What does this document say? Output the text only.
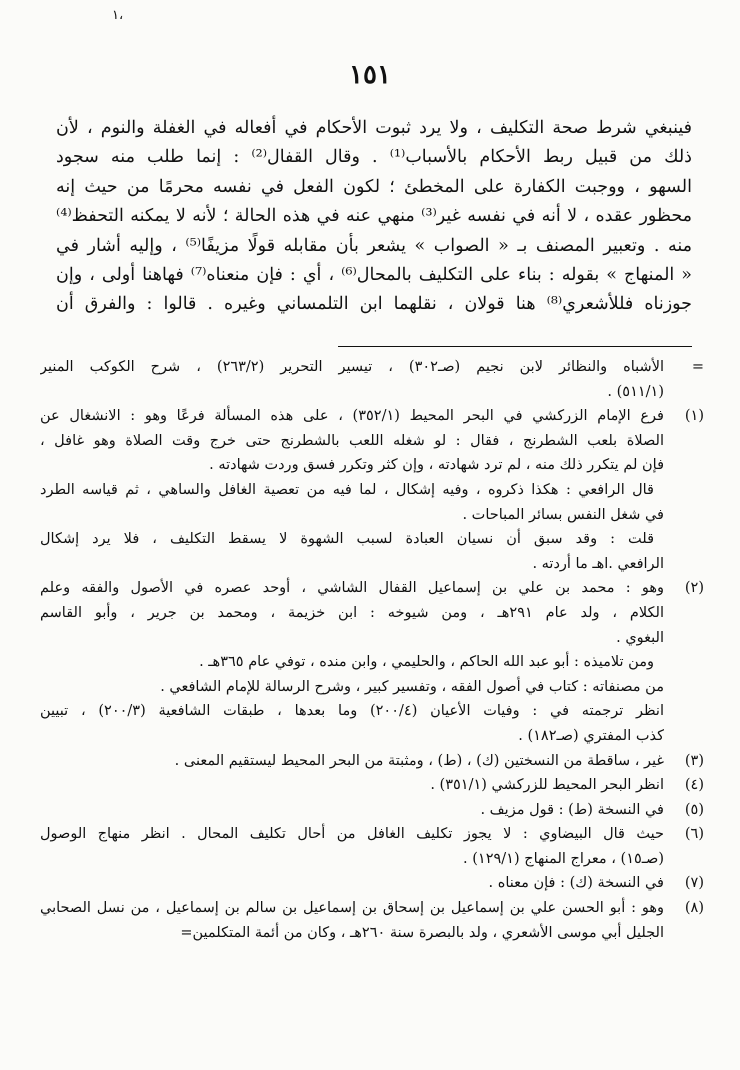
١،
١٥١
فينبغي شرط صحة التكليف ، ولا يرد ثبوت الأحكام في أفعاله في الغفلة والنوم ، لأن
ذلك من قبيل ربط الأحكام بالأسباب⁽¹⁾ . وقال القفال⁽²⁾ : إنما طلب منه سجود
السهو ، ووجبت الكفارة على المخطئ ؛ لكون الفعل في نفسه محرمًا من حيث إنه
محظور عقده ، لا أنه في نفسه غير⁽³⁾ منهي عنه في هذه الحالة ؛ لأنه لا يمكنه التحفظ⁽⁴⁾
منه . وتعبير المصنف بـ « الصواب » يشعر بأن مقابله قولًا مزيفًا⁽⁵⁾ ، وإليه أشار في
« المنهاج » بقوله : بناء على التكليف بالمحال⁽⁶⁾ ، أي : فإن منعناه⁽⁷⁾ فهاهنا أولى ، وإن
جوزناه فللأشعري⁽⁸⁾ هنا قولان ، نقلهما ابن التلمساني وغيره . قالوا : والفرق أن
=
الأشباه والنظائر لابن نجيم (صـ٣٠٢) ، تيسير التحرير (٢٦٣/٢) ، شرح الكوكب المنير
(٥١١/١) .
(١)
فرع الإمام الزركشي في البحر المحيط (٣٥٢/١) ، على هذه المسألة فرعًا وهو : الانشغال عن
الصلاة بلعب الشطرنج ، فقال : لو شغله اللعب بالشطرنج حتى خرج وقت الصلاة وهو غافل ،
فإن لم يتكرر ذلك منه ، لم ترد شهادته ، وإن كثر وتكرر فسق وردت شهادته .
قال الرافعي : هكذا ذكروه ، وفيه إشكال ، لما فيه من تعصية الغافل والساهي ، ثم قياسه الطرد
في شغل النفس بسائر المباحات .
قلت : وقد سبق أن نسيان العبادة لسبب الشهوة لا يسقط التكليف ، فلا يرد إشكال
الرافعي .اهـ ما أردته .
(٢)
وهو : محمد بن علي بن إسماعيل القفال الشاشي ، أوحد عصره في الأصول والفقه وعلم
الكلام ، ولد عام ٢٩١هـ ، ومن شيوخه : ابن خزيمة ، ومحمد بن جرير ، وأبو القاسم
البغوي .
ومن تلاميذه : أبو عبد الله الحاكم ، والحليمي ، وابن منده ، توفي عام ٣٦٥هـ .
من مصنفاته : كتاب في أصول الفقه ، وتفسير كبير ، وشرح الرسالة للإمام الشافعي .
انظر ترجمته في : وفيات الأعيان (٢٠٠/٤) وما بعدها ، طبقات الشافعية (٢٠٠/٣) ، تبيين
كذب المفتري (صـ١٨٢) .
(٣)
غير ، ساقطة من النسختين (ك) ، (ط) ، ومثبتة من البحر المحيط ليستقيم المعنى .
(٤)
انظر البحر المحيط للزركشي (٣٥١/١) .
(٥)
في النسخة (ط) : قول مزيف .
(٦)
حيث قال البيضاوي : لا يجوز تكليف الغافل من أحال تكليف المحال . انظر منهاج الوصول
(صـ١٥) ، معراج المنهاج (١٢٩/١) .
(٧)
في النسخة (ك) : فإن معناه .
(٨)
وهو : أبو الحسن علي بن إسماعيل بن إسحاق بن إسماعيل بن سالم بن إسماعيل ، من نسل الصحابي
الجليل أبي موسى الأشعري ، ولد بالبصرة سنة ٢٦٠هـ ، وكان من أئمة المتكلمين=
